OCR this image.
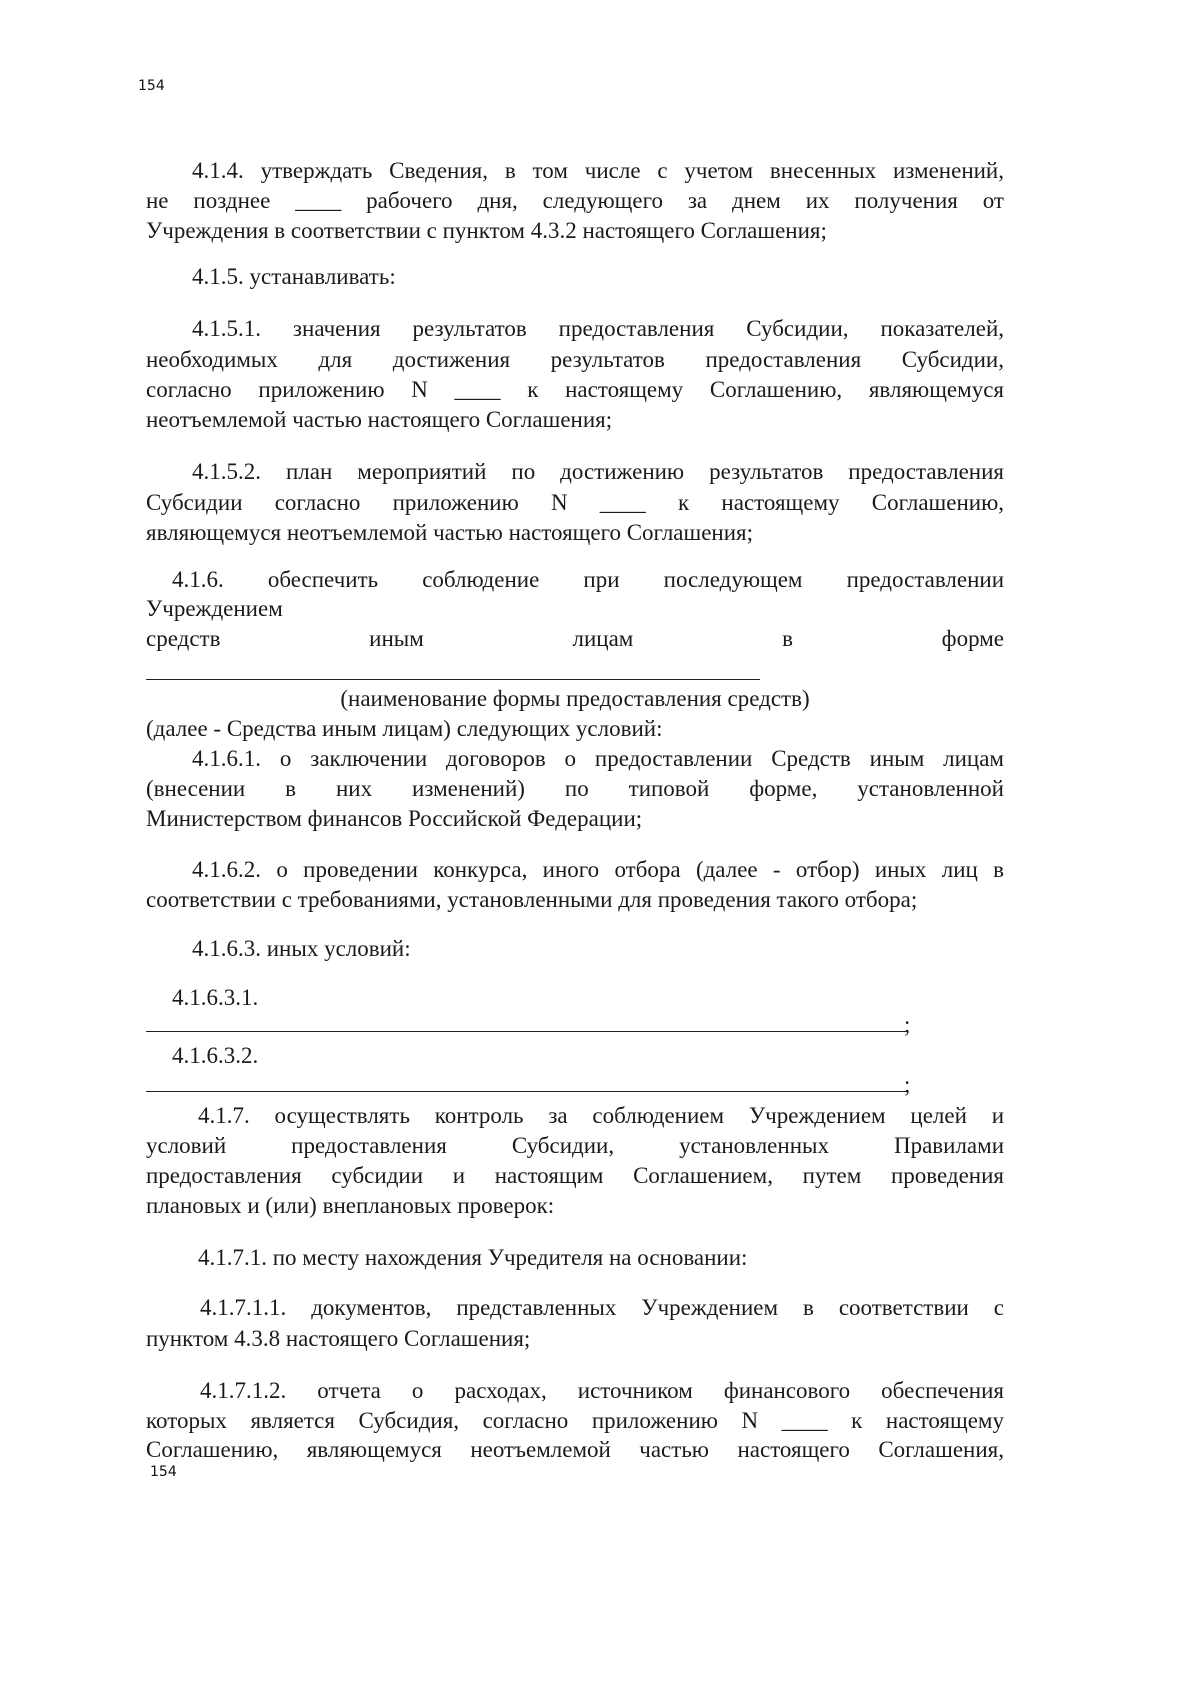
154
4.1.4. утверждать Сведения, в том числе с учетом внесенных изменений,
не позднее ____ рабочего дня, следующего за днем их получения от
Учреждения в соответствии с пунктом 4.3.2 настоящего Соглашения;
4.1.5. устанавливать:
4.1.5.1. значения результатов предоставления Субсидии, показателей,
необходимых для достижения результатов предоставления Субсидии,
согласно приложению N ____ к настоящему Соглашению, являющемуся
неотъемлемой частью настоящего Соглашения;
4.1.5.2. план мероприятий по достижению результатов предоставления
Субсидии согласно приложению N ____ к настоящему Соглашению,
являющемуся неотъемлемой частью настоящего Соглашения;
4.1.6. обеспечить соблюдение при последующем предоставлении
Учреждением
средств	иным	лицам	в	форме
(наименование формы предоставления средств)
(далее - Средства иным лицам) следующих условий:
4.1.6.1. о заключении договоров о предоставлении Средств иным лицам
(внесении в них изменений) по типовой форме, установленной
Министерством финансов Российской Федерации;
4.1.6.2. о проведении конкурса, иного отбора (далее - отбор) иных лиц в
соответствии с требованиями, установленными для проведения такого отбора;
4.1.6.3. иных условий:
4.1.6.3.1.
;
4.1.6.3.2.
;
4.1.7. осуществлять контроль за соблюдением Учреждением целей и
условий предоставления Субсидии, установленных Правилами
предоставления субсидии и настоящим Соглашением, путем проведения
плановых и (или) внеплановых проверок:
4.1.7.1. по месту нахождения Учредителя на основании:
4.1.7.1.1. документов, представленных Учреждением в соответствии с
пунктом 4.3.8 настоящего Соглашения;
4.1.7.1.2. отчета о расходах, источником финансового обеспечения
которых является Субсидия, согласно приложению N ____ к настоящему
Соглашению, являющемуся неотъемлемой частью настоящего Соглашения,
154
